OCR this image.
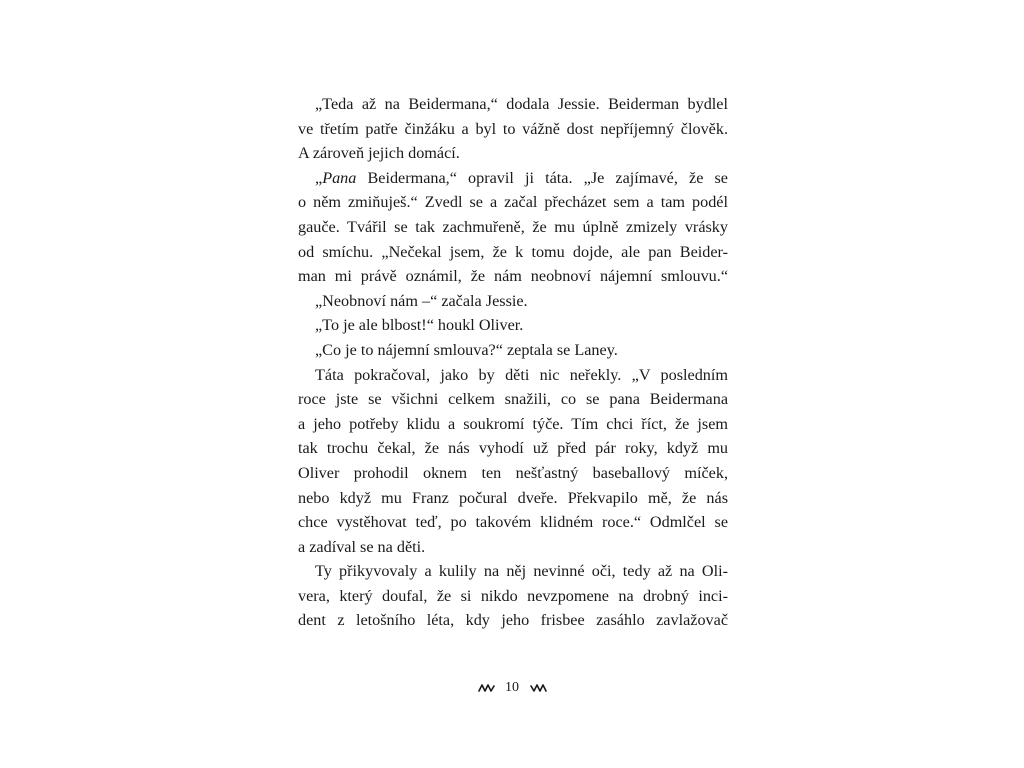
„Teda až na Beidermana,“ dodala Jessie. Beiderman bydlel
ve třetím patře činžáku a byl to vážně dost nepříjemný člověk.
A zároveň jejich domácí.
„Pana Beidermana,“ opravil ji táta. „Je zajímavé, že se
o něm zmiňuješ.“ Zvedl se a začal přecházet sem a tam podél
gauče. Tvářil se tak zachmuřeně, že mu úplně zmizely vrásky
od smíchu. „Nečekal jsem, že k tomu dojde, ale pan Beider-
man mi právě oznámil, že nám neobnoví nájemní smlouvu.“
„Neobnoví nám –“ začala Jessie.
„To je ale blbost!“ houkl Oliver.
„Co je to nájemní smlouva?“ zeptala se Laney.
Táta pokračoval, jako by děti nic neřekly. „V posledním
roce jste se všichni celkem snažili, co se pana Beidermana
a jeho potřeby klidu a soukromí týče. Tím chci říct, že jsem
tak trochu čekal, že nás vyhodí už před pár roky, když mu
Oliver prohodil oknem ten nešťastný baseballový míček,
nebo když mu Franz počural dveře. Překvapilo mě, že nás
chce vystěhovat teď, po takovém klidném roce.“ Odmlčel se
a zadíval se na děti.
Ty přikyvovaly a kulily na něj nevinné oči, tedy až na Oli-
vera, který doufal, že si nikdo nevzpomene na drobný inci-
dent z letošního léta, kdy jeho frisbee zasáhlo zavlažovač
10
